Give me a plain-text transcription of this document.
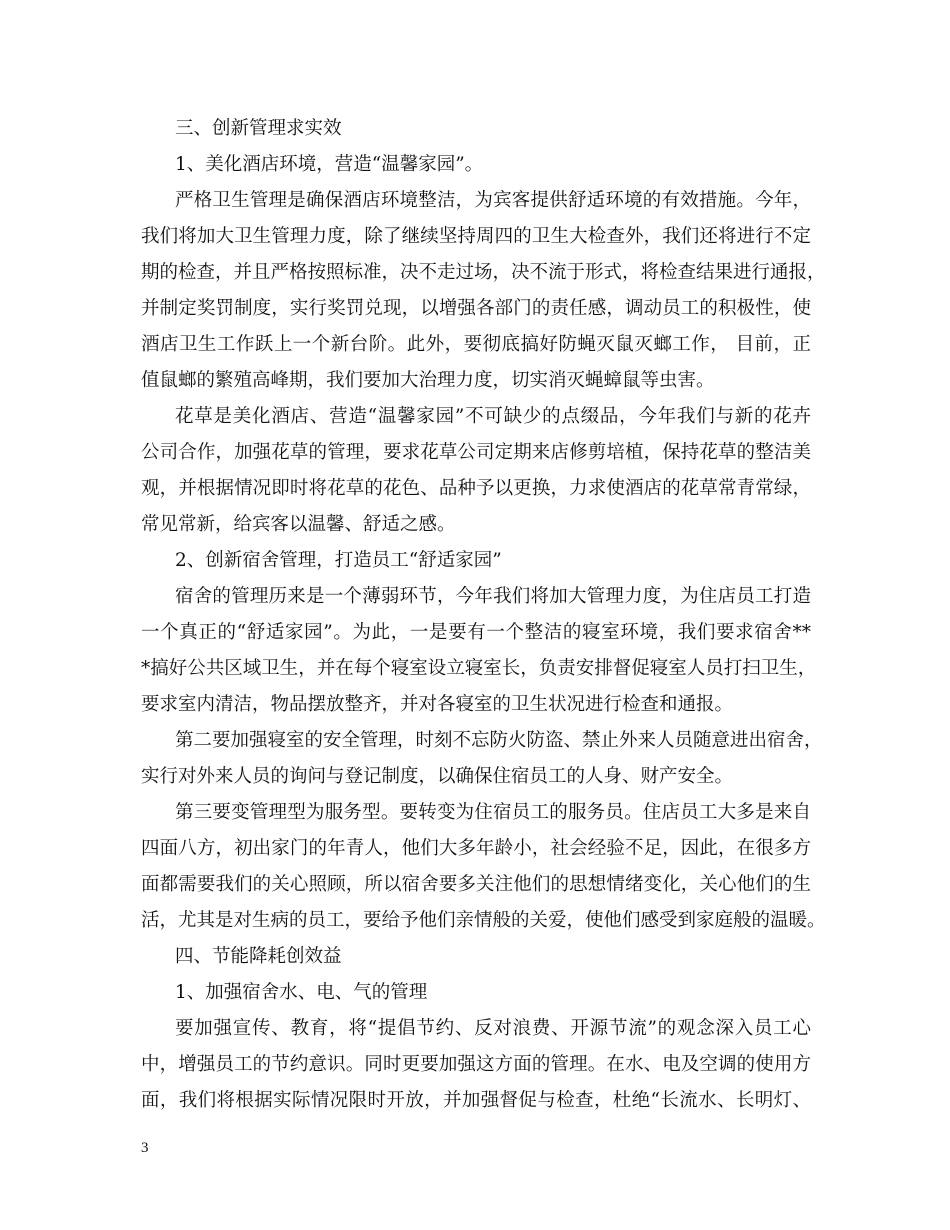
三、创新管理求实效
1、美化酒店环境，营造“温馨家园”。
严格卫生管理是确保酒店环境整洁，为宾客提供舒适环境的有效措施。今年，
我们将加大卫生管理力度，除了继续坚持周四的卫生大检查外，我们还将进行不定
期的检查，并且严格按照标准，决不走过场，决不流于形式，将检查结果进行通报，
并制定奖罚制度，实行奖罚兑现，以增强各部门的责任感，调动员工的积极性，使
酒店卫生工作跃上一个新台阶。此外，要彻底搞好防蝇灭鼠灭螂工作， 目前，正
值鼠螂的繁殖高峰期，我们要加大治理力度，切实消灭蝇蟑鼠等虫害。
花草是美化酒店、营造“温馨家园”不可缺少的点缀品，今年我们与新的花卉
公司合作，加强花草的管理，要求花草公司定期来店修剪培植，保持花草的整洁美
观，并根据情况即时将花草的花色、品种予以更换，力求使酒店的花草常青常绿，
常见常新，给宾客以温馨、舒适之感。
2、创新宿舍管理，打造员工“舒适家园”
宿舍的管理历来是一个薄弱环节，今年我们将加大管理力度，为住店员工打造
一个真正的“舒适家园”。为此，一是要有一个整洁的寝室环境，我们要求宿舍**
*搞好公共区域卫生，并在每个寝室设立寝室长，负责安排督促寝室人员打扫卫生，
要求室内清洁，物品摆放整齐，并对各寝室的卫生状况进行检查和通报。
第二要加强寝室的安全管理，时刻不忘防火防盗、禁止外来人员随意进出宿舍，
实行对外来人员的询问与登记制度，以确保住宿员工的人身、财产安全。
第三要变管理型为服务型。要转变为住宿员工的服务员。住店员工大多是来自
四面八方，初出家门的年青人，他们大多年龄小，社会经验不足，因此，在很多方
面都需要我们的关心照顾，所以宿舍要多关注他们的思想情绪变化，关心他们的生
活，尤其是对生病的员工，要给予他们亲情般的关爱，使他们感受到家庭般的温暖。
四、节能降耗创效益
1、加强宿舍水、电、气的管理
要加强宣传、教育，将“提倡节约、反对浪费、开源节流”的观念深入员工心
中，增强员工的节约意识。同时更要加强这方面的管理。在水、电及空调的使用方
面，我们将根据实际情况限时开放，并加强督促与检查，杜绝“长流水、长明灯、
3
